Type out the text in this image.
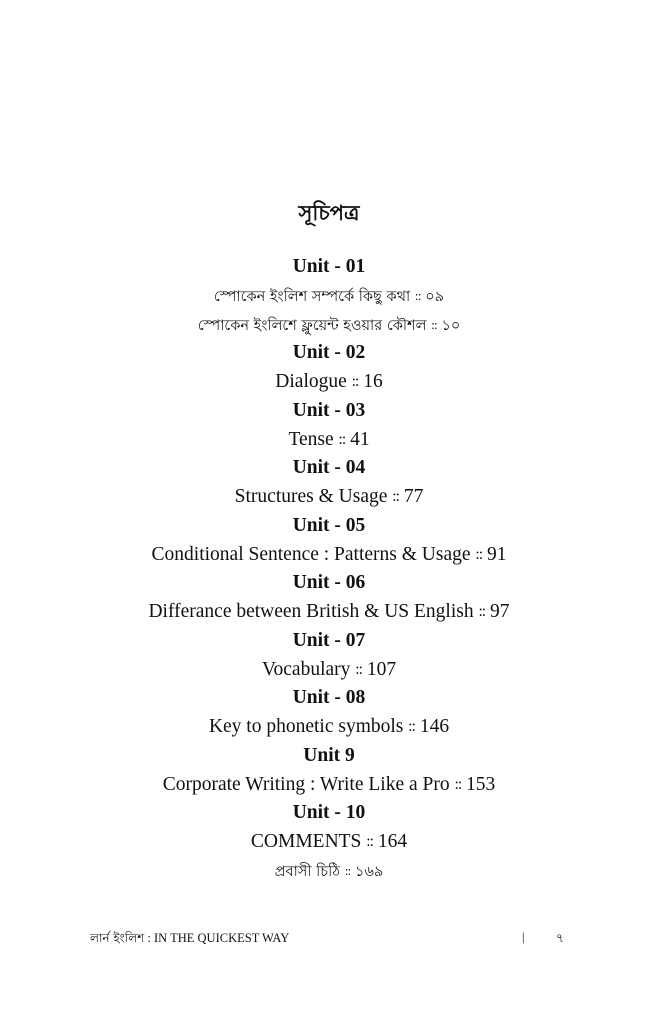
সূচিপত্র
Unit - 01
স্পোকেন ইংলিশ সম্পর্কে কিছু কথা :: ০৯
স্পোকেন ইংলিশে ফ্লুয়েন্ট হওয়ার কৌশল :: ১০
Unit - 02
Dialogue :: 16
Unit - 03
Tense :: 41
Unit - 04
Structures & Usage :: 77
Unit - 05
Conditional Sentence : Patterns & Usage :: 91
Unit - 06
Differance between British & US English :: 97
Unit - 07
Vocabulary :: 107
Unit - 08
Key to phonetic symbols :: 146
Unit 9
Corporate Writing : Write Like a Pro :: 153
Unit - 10
COMMENTS :: 164
প্রবাসী চিঠি :: ১৬৯
লার্ন ইংলিশ : IN THE QUICKEST WAY	|	৭
